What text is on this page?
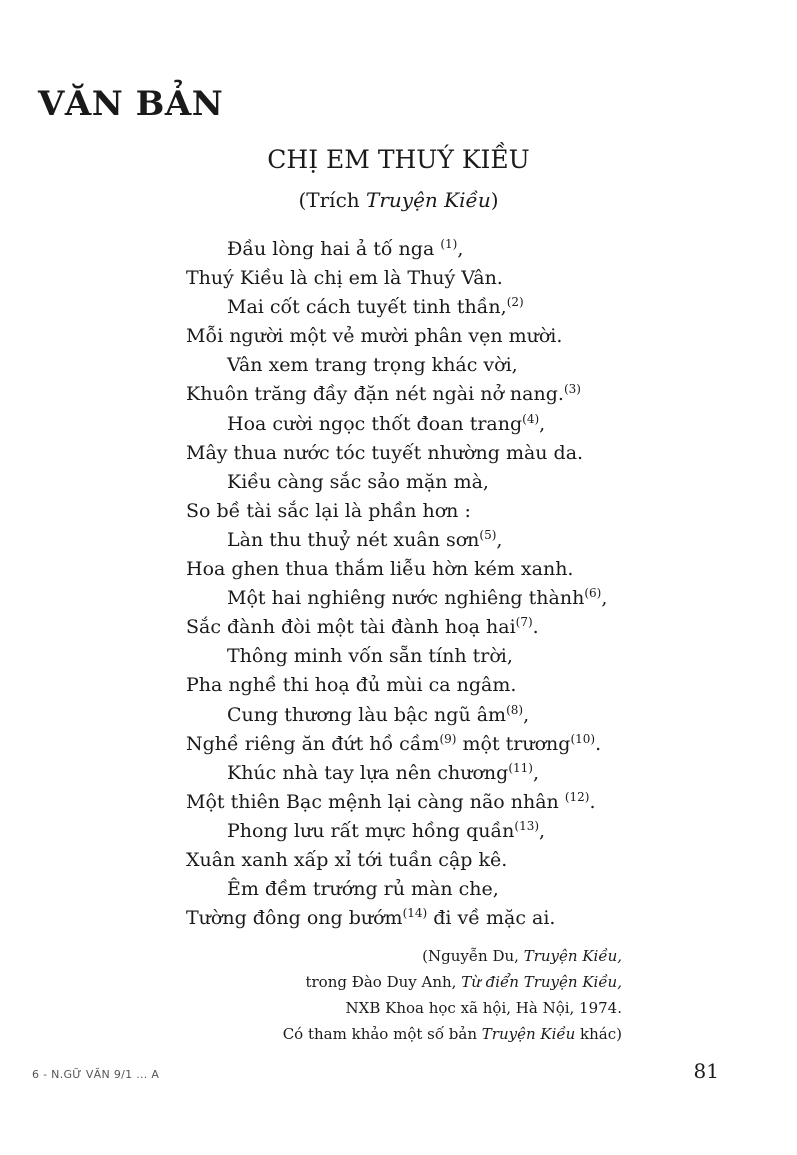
VĂN BẢN
CHỊ EM THUÝ KIỀU
(Trích Truyện Kiều)
Đầu lòng hai ả tố nga $^{(1)}$,
Thuý Kiều là chị em là Thuý Vân.
Mai cốt cách tuyết tinh thần,$^{(2)}$
Mỗi người một vẻ mười phân vẹn mười.
Vân xem trang trọng khác vời,
Khuôn trăng đầy đặn nét ngài nở nang.$^{(3)}$
Hoa cười ngọc thốt đoan trang$^{(4)}$,
Mây thua nước tóc tuyết nhường màu da.
Kiều càng sắc sảo mặn mà,
So bề tài sắc lại là phần hơn :
Làn thu thuỷ nét xuân sơn$^{(5)}$,
Hoa ghen thua thắm liễu hờn kém xanh.
Một hai nghiêng nước nghiêng thành$^{(6)}$,
Sắc đành đòi một tài đành hoạ hai$^{(7)}$.
Thông minh vốn sẵn tính trời,
Pha nghề thi hoạ đủ mùi ca ngâm.
Cung thương làu bậc ngũ $âm^{(8)}$,
Nghề riêng ăn đứt hồ cầm$^{(9)}$ một trương$^{(10)}$.
Khúc nhà tay lựa nên chương$^{(11)}$,
Một thiên Bạc mệnh lại càng não nhân $^{(12)}$.
Phong lưu rất mực hồng quần$^{(13)}$,
Xuân xanh xấp xỉ tới tuần cập kê.
Êm đềm trướng rủ màn che,
Tường đông ong bướm$^{(14)}$ đi về mặc ai.
(Nguyễn Du, Truyện Kiều,
trong Đào Duy Anh, Từ điển Truyện Kiều,
NXB Khoa học xã hội, Hà Nội, 1974.
Có tham khảo một số bản Truyện Kiều khác)
6 - N.GỮ VĂN 9/1 ... A	81
